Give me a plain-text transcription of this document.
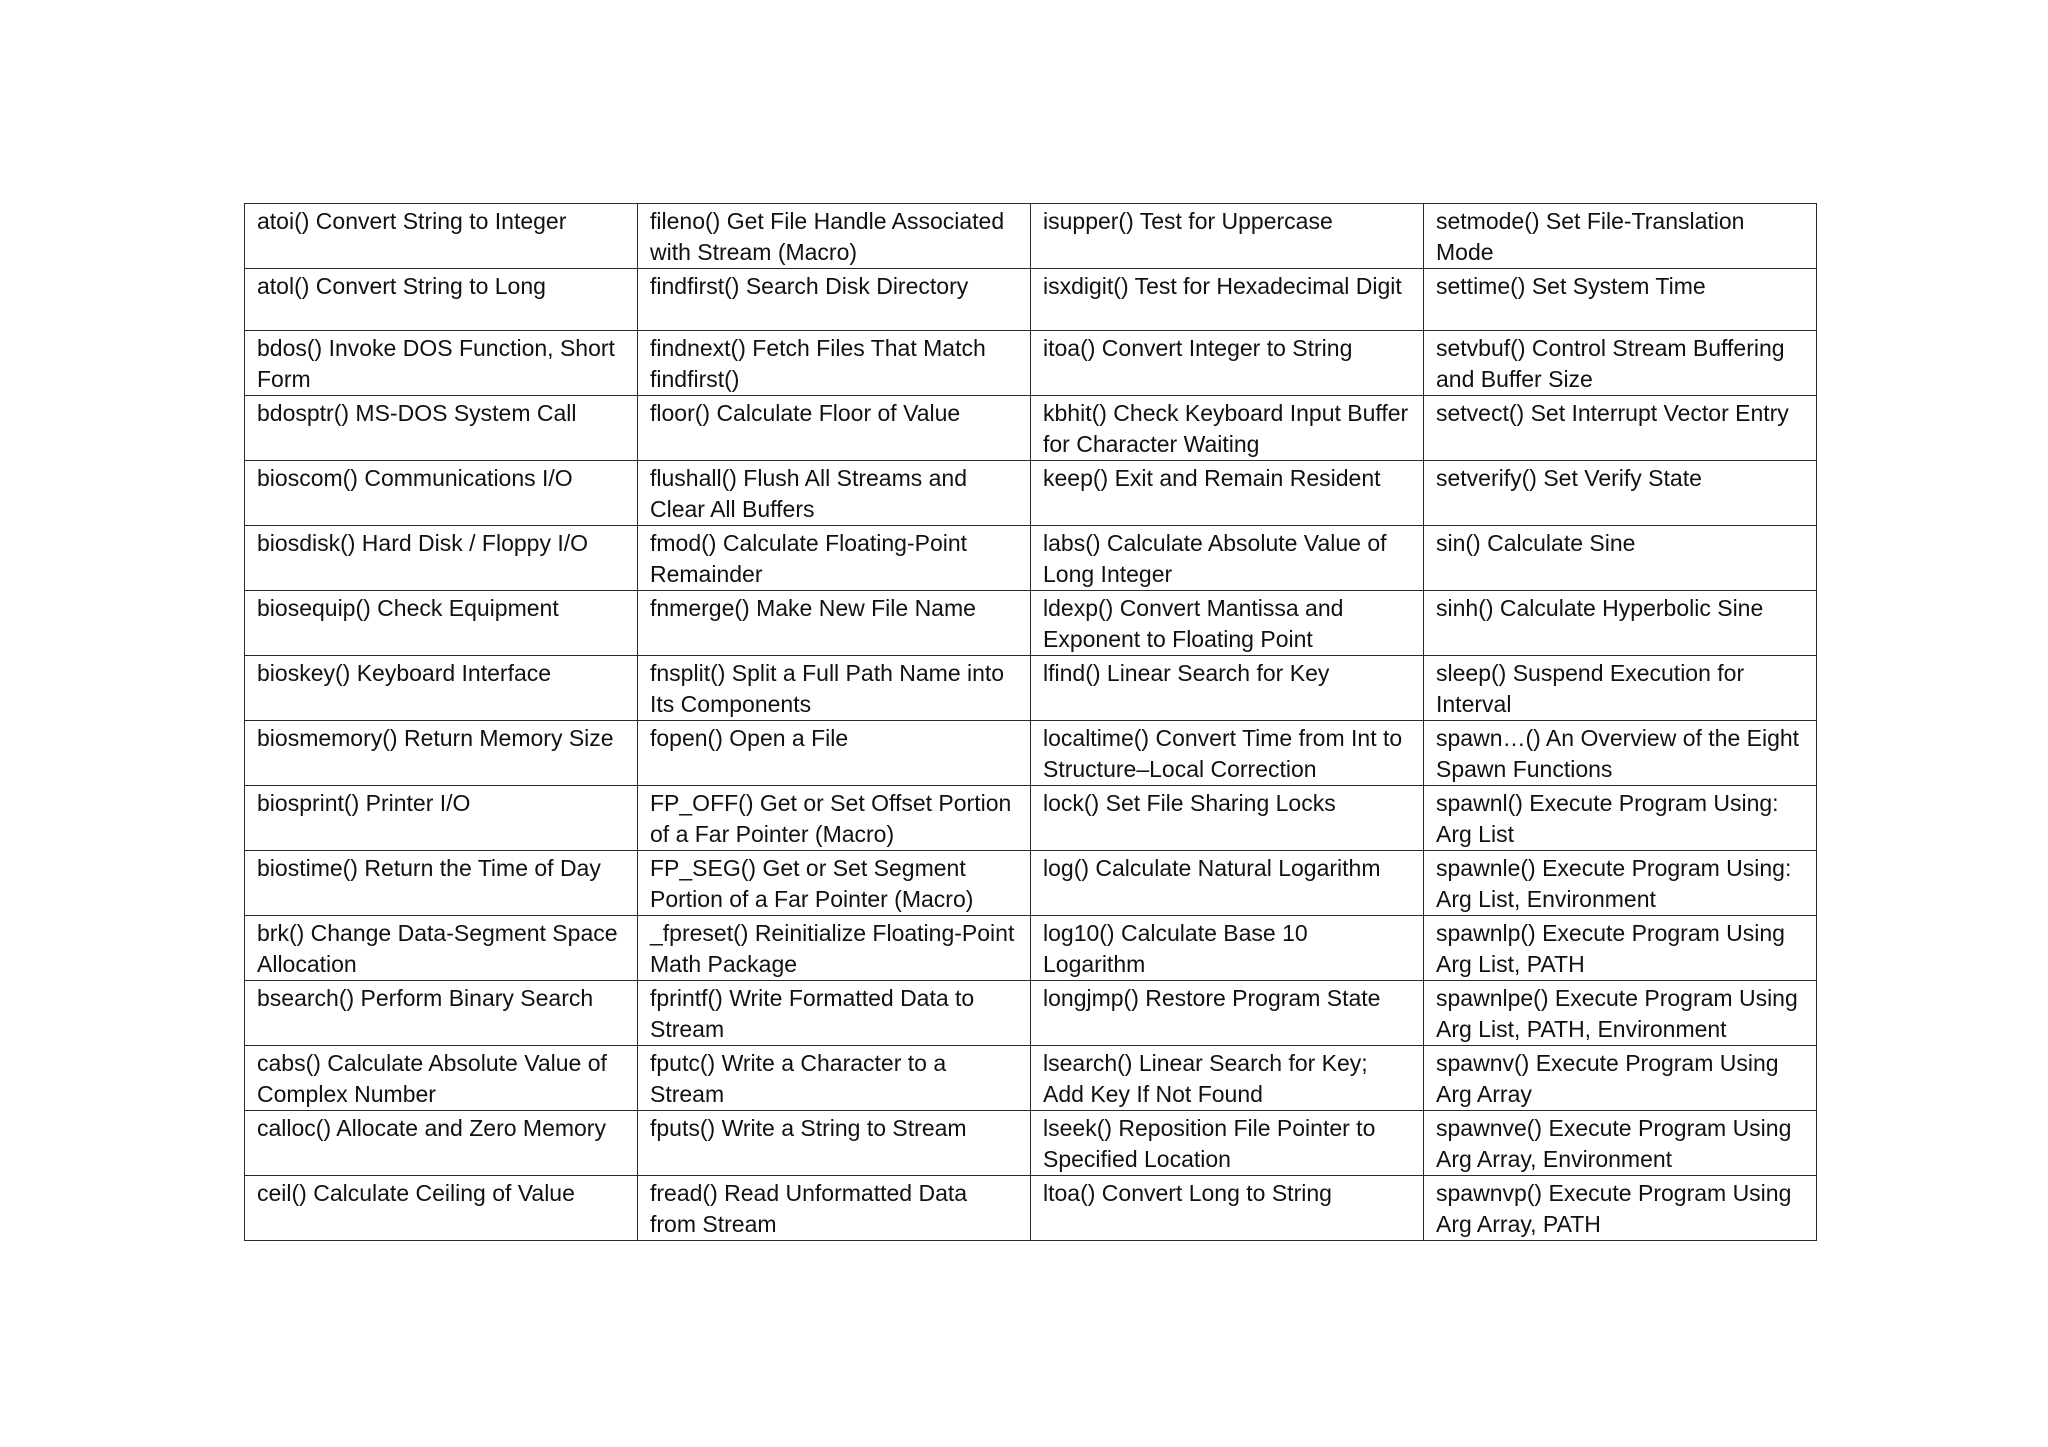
atoi() Convert String to Integer	fileno() Get File Handle Associated with Stream (Macro)	isupper() Test for Uppercase	setmode() Set File-Translation Mode
atol() Convert String to Long	findfirst() Search Disk Directory	isxdigit() Test for Hexadecimal Digit	settime() Set System Time
bdos() Invoke DOS Function, Short Form	findnext() Fetch Files That Match findfirst()	itoa() Convert Integer to String	setvbuf() Control Stream Buffering and Buffer Size
bdosptr() MS-DOS System Call	floor() Calculate Floor of Value	kbhit() Check Keyboard Input Buffer for Character Waiting	setvect() Set Interrupt Vector Entry
bioscom() Communications I/O	flushall() Flush All Streams and Clear All Buffers	keep() Exit and Remain Resident	setverify() Set Verify State
biosdisk() Hard Disk / Floppy I/O	fmod() Calculate Floating-Point Remainder	labs() Calculate Absolute Value of Long Integer	sin() Calculate Sine
biosequip() Check Equipment	fnmerge() Make New File Name	ldexp() Convert Mantissa and Exponent to Floating Point	sinh() Calculate Hyperbolic Sine
bioskey() Keyboard Interface	fnsplit() Split a Full Path Name into Its Components	lfind() Linear Search for Key	sleep() Suspend Execution for Interval
biosmemory() Return Memory Size	fopen() Open a File	localtime() Convert Time from Int to Structure–Local Correction	spawn…() An Overview of the Eight Spawn Functions
biosprint() Printer I/O	FP_OFF() Get or Set Offset Portion of a Far Pointer (Macro)	lock() Set File Sharing Locks	spawnl() Execute Program Using: Arg List
biostime() Return the Time of Day	FP_SEG() Get or Set Segment Portion of a Far Pointer (Macro)	log() Calculate Natural Logarithm	spawnle() Execute Program Using: Arg List, Environment
brk() Change Data-Segment Space Allocation	_fpreset() Reinitialize Floating-Point Math Package	log10() Calculate Base 10 Logarithm	spawnlp() Execute Program Using Arg List, PATH
bsearch() Perform Binary Search	fprintf() Write Formatted Data to Stream	longjmp() Restore Program State	spawnlpe() Execute Program Using Arg List, PATH, Environment
cabs() Calculate Absolute Value of Complex Number	fputc() Write a Character to a Stream	lsearch() Linear Search for Key; Add Key If Not Found	spawnv() Execute Program Using Arg Array
calloc() Allocate and Zero Memory	fputs() Write a String to Stream	lseek() Reposition File Pointer to Specified Location	spawnve() Execute Program Using Arg Array, Environment
ceil() Calculate Ceiling of Value	fread() Read Unformatted Data from Stream	ltoa() Convert Long to String	spawnvp() Execute Program Using Arg Array, PATH
